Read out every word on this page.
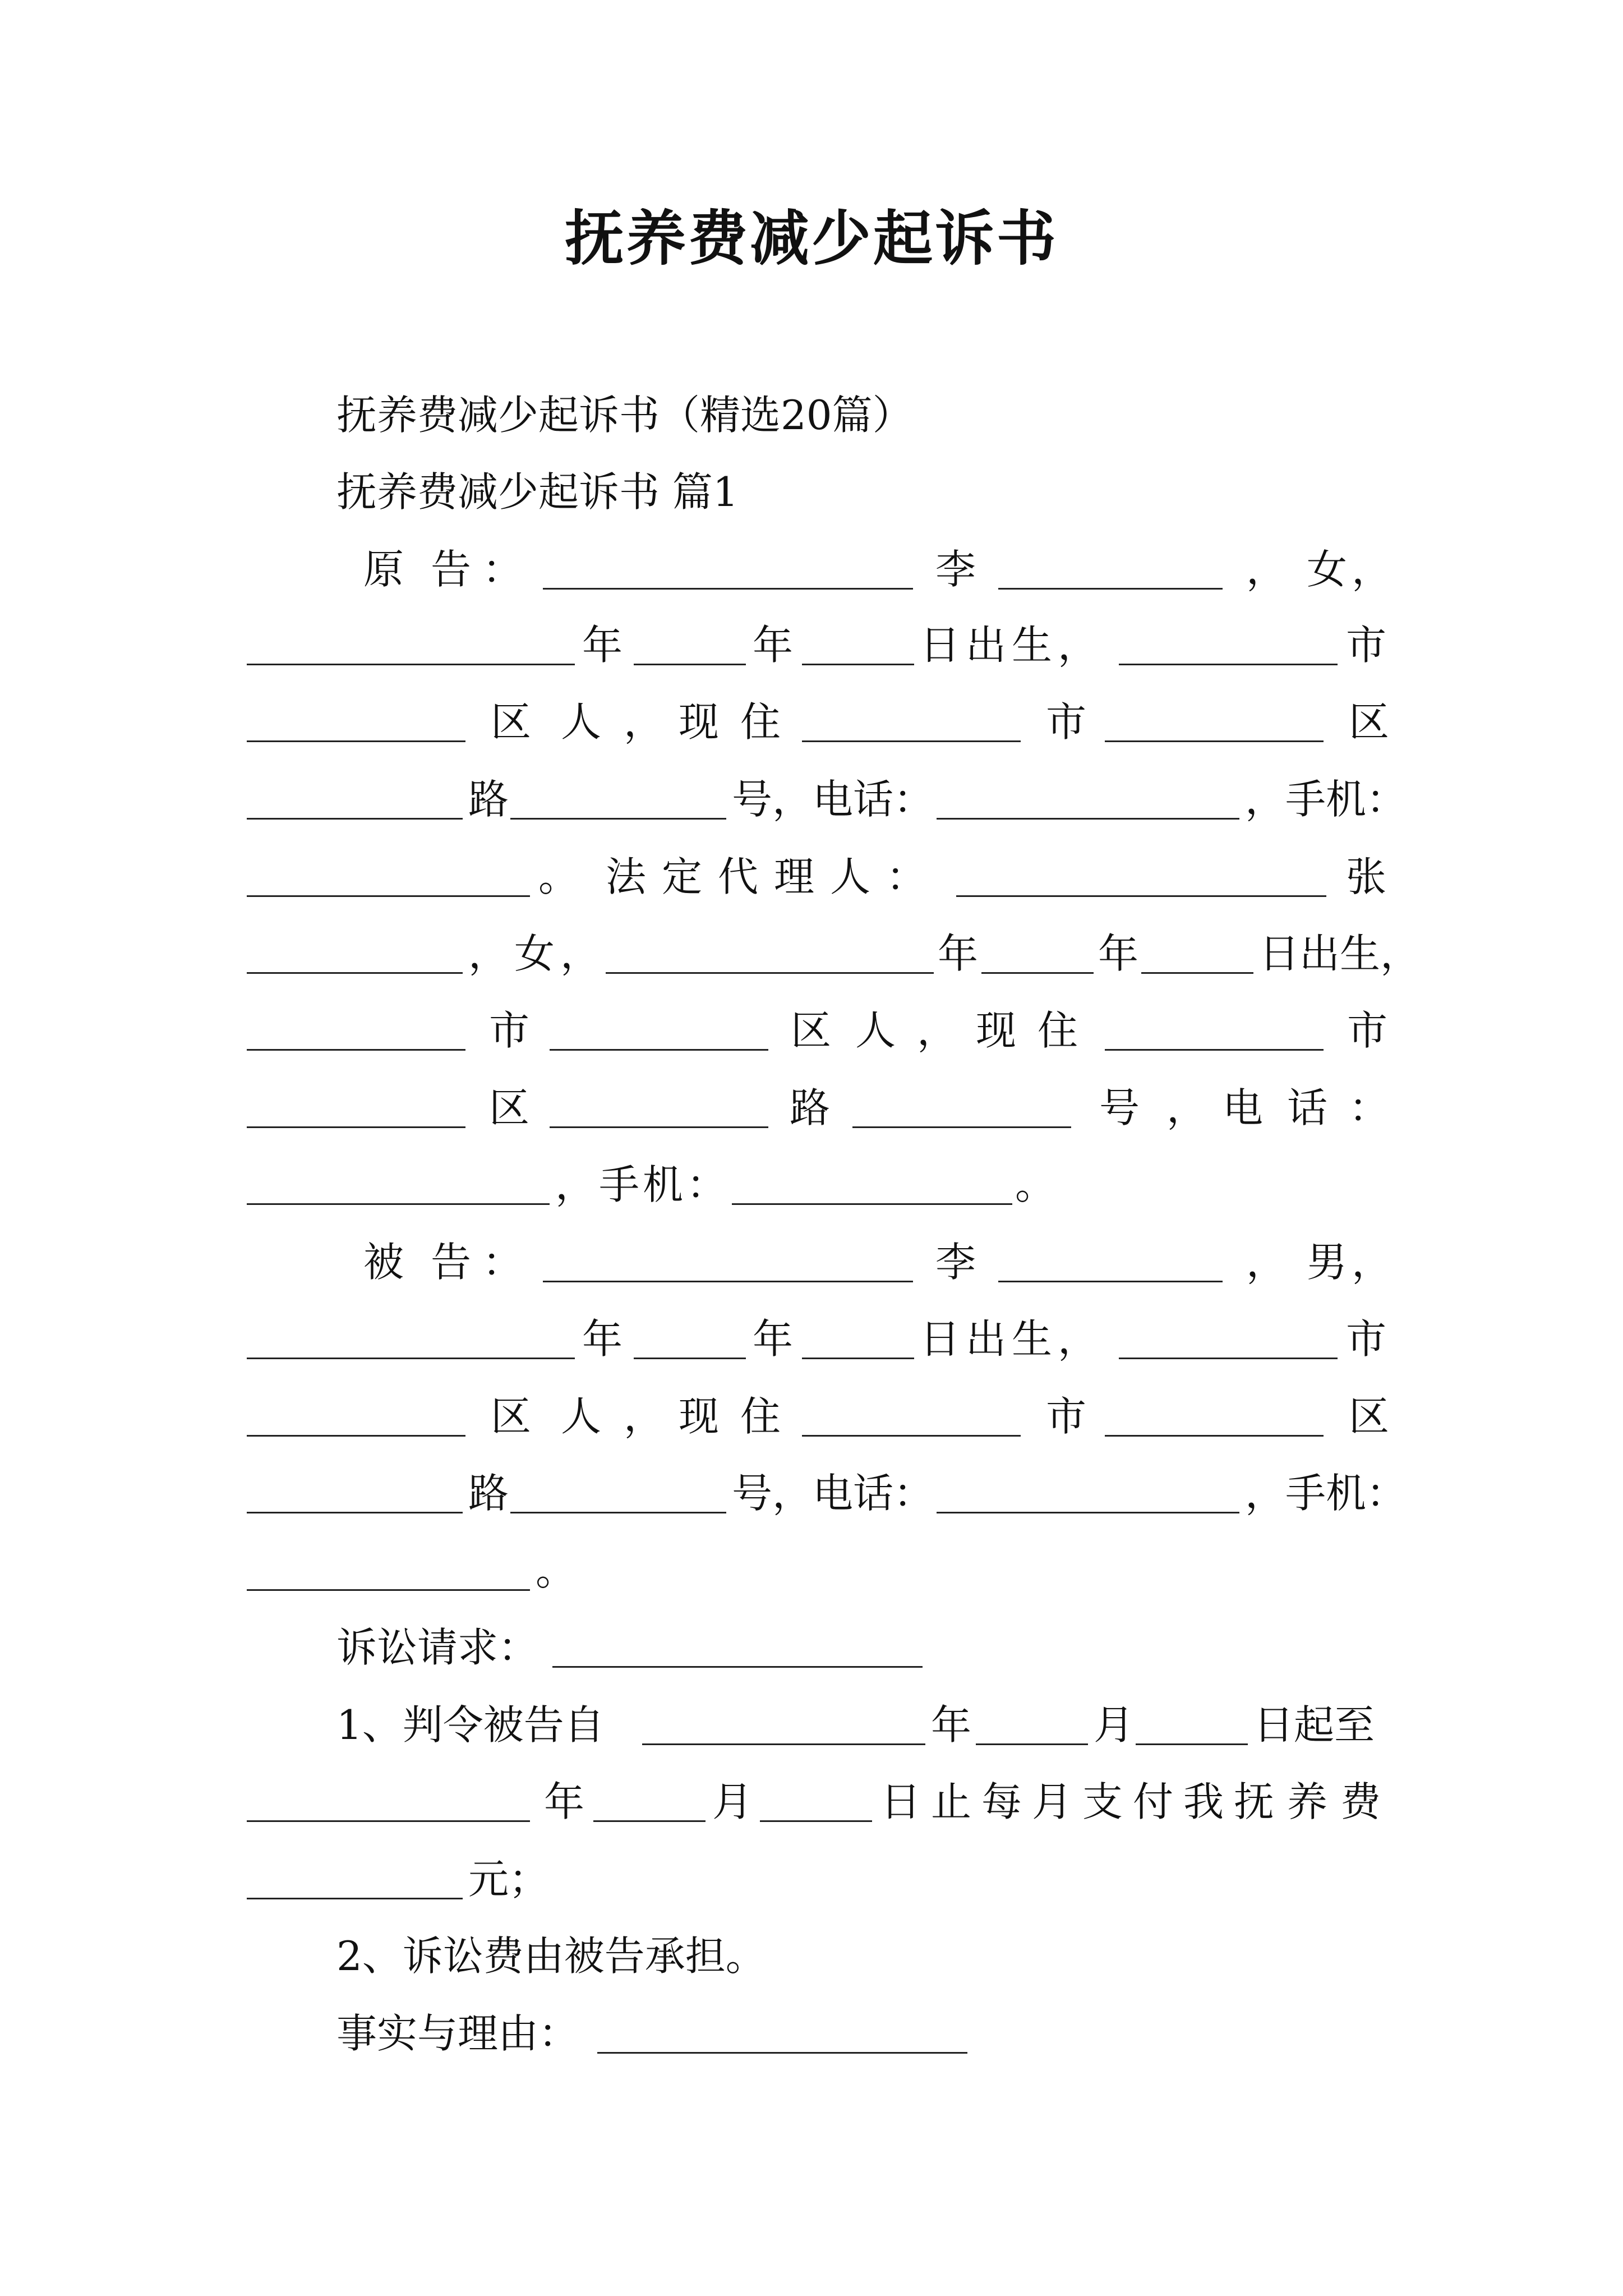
抚养费减少起诉书
抚养费减少起诉书（精选20篇）
抚养费减少起诉书 篇1
原 告 ：	李	， 女 ，
年	年	日出生，	市
区 人 ， 现 住	市	区
路	号，电话：	，手机：
。 法 定 代 理 人 ：	张
，女，	年	年	日出生，
市	区 人 ， 现 住	市
区	路	号 ， 电 话 ：
，手机：	。
被 告 ：	李	， 男 ，
年	年	日出生，	市
区 人 ， 现 住	市	区
路	号，电话：	，手机：
。
诉讼请求：
1、判令被告自	年	月	日起至
年	月	日 止 每 月 支 付 我 抚 养 费
元；
2、诉讼费由被告承担。
事实与理由：
